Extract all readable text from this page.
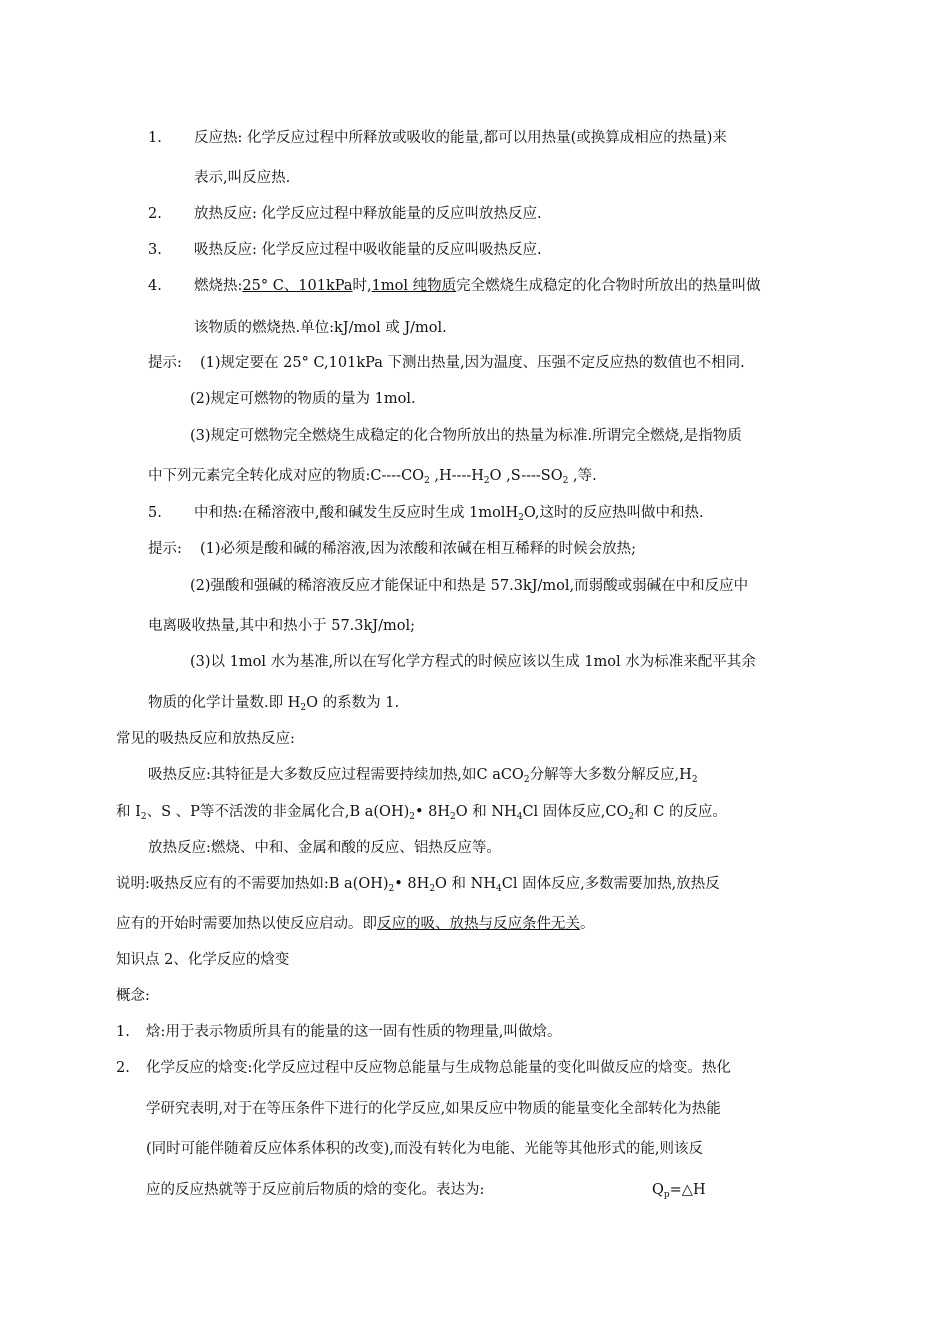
1. 反应热: 化学反应过程中所释放或吸收的能量,都可以用热量(或换算成相应的热量)来
表示,叫反应热.
2. 放热反应: 化学反应过程中释放能量的反应叫放热反应.
3. 吸热反应: 化学反应过程中吸收能量的反应叫吸热反应.
4. 燃烧热:25° C、101kPa时,1mol 纯物质完全燃烧生成稳定的化合物时所放出的热量叫做
该物质的燃烧热.单位:kJ/mol 或 J/mol.
提示: (1)规定要在 25° C,101kPa 下测出热量,因为温度、压强不定反应热的数值也不相同.
(2)规定可燃物的物质的量为 1mol.
(3)规定可燃物完全燃烧生成稳定的化合物所放出的热量为标准.所谓完全燃烧,是指物质
中下列元素完全转化成对应的物质$:C----CO_2$ $,H----H_2O$ $,S----SO_2$ ,等.
5. 中和热:在稀溶液中,酸和碱发生反应时生成 1molH$_2$O,这时的反应热叫做中和热.
提示: (1)必须是酸和碱的稀溶液,因为浓酸和浓碱在相互稀释的时候会放热;
(2)强酸和强碱的稀溶液反应才能保证中和热是 57.3kJ/mol,而弱酸或弱碱在中和反应中
电离吸收热量,其中和热小于 57.3kJ/mol;
(3)以 1mol 水为基准,所以在写化学方程式的时候应该以生成 1mol 水为标准来配平其余
物质的化学计量数.即 $H_2O$ 的系数为 1.
常见的吸热反应和放热反应:
吸热反应:其特征是大多数反应过程需要持续加热,如C aCO$_2$分解等大多数分解反应$,H_2$
和 $I_2$、S 、P等不活泼的非金属化合,B $a(OH)_2•$ $8H_2O$ 和 $NH_4Cl$ 固体反应$,CO_2$和 C 的反应。
放热反应:燃烧、中和、金属和酸的反应、铝热反应等。
说明:吸热反应有的不需要加热如:B $a(OH)_2•$ $8H_2O$ 和 $NH_4Cl$ 固体反应,多数需要加热,放热反
应有的开始时需要加热以使反应启动。即反应的吸、放热与反应条件无关。
知识点 2、化学反应的焓变
概念:
1. 焓:用于表示物质所具有的能量的这一固有性质的物理量,叫做焓。
2. 化学反应的焓变:化学反应过程中反应物总能量与生成物总能量的变化叫做反应的焓变。热化
学研究表明,对于在等压条件下进行的化学反应,如果反应中物质的能量变化全部转化为热能
(同时可能伴随着反应体系体积的改变),而没有转化为电能、光能等其他形式的能,则该反
应的反应热就等于反应前后物质的焓的变化。表达为:	$Q_p=\triangle H$
